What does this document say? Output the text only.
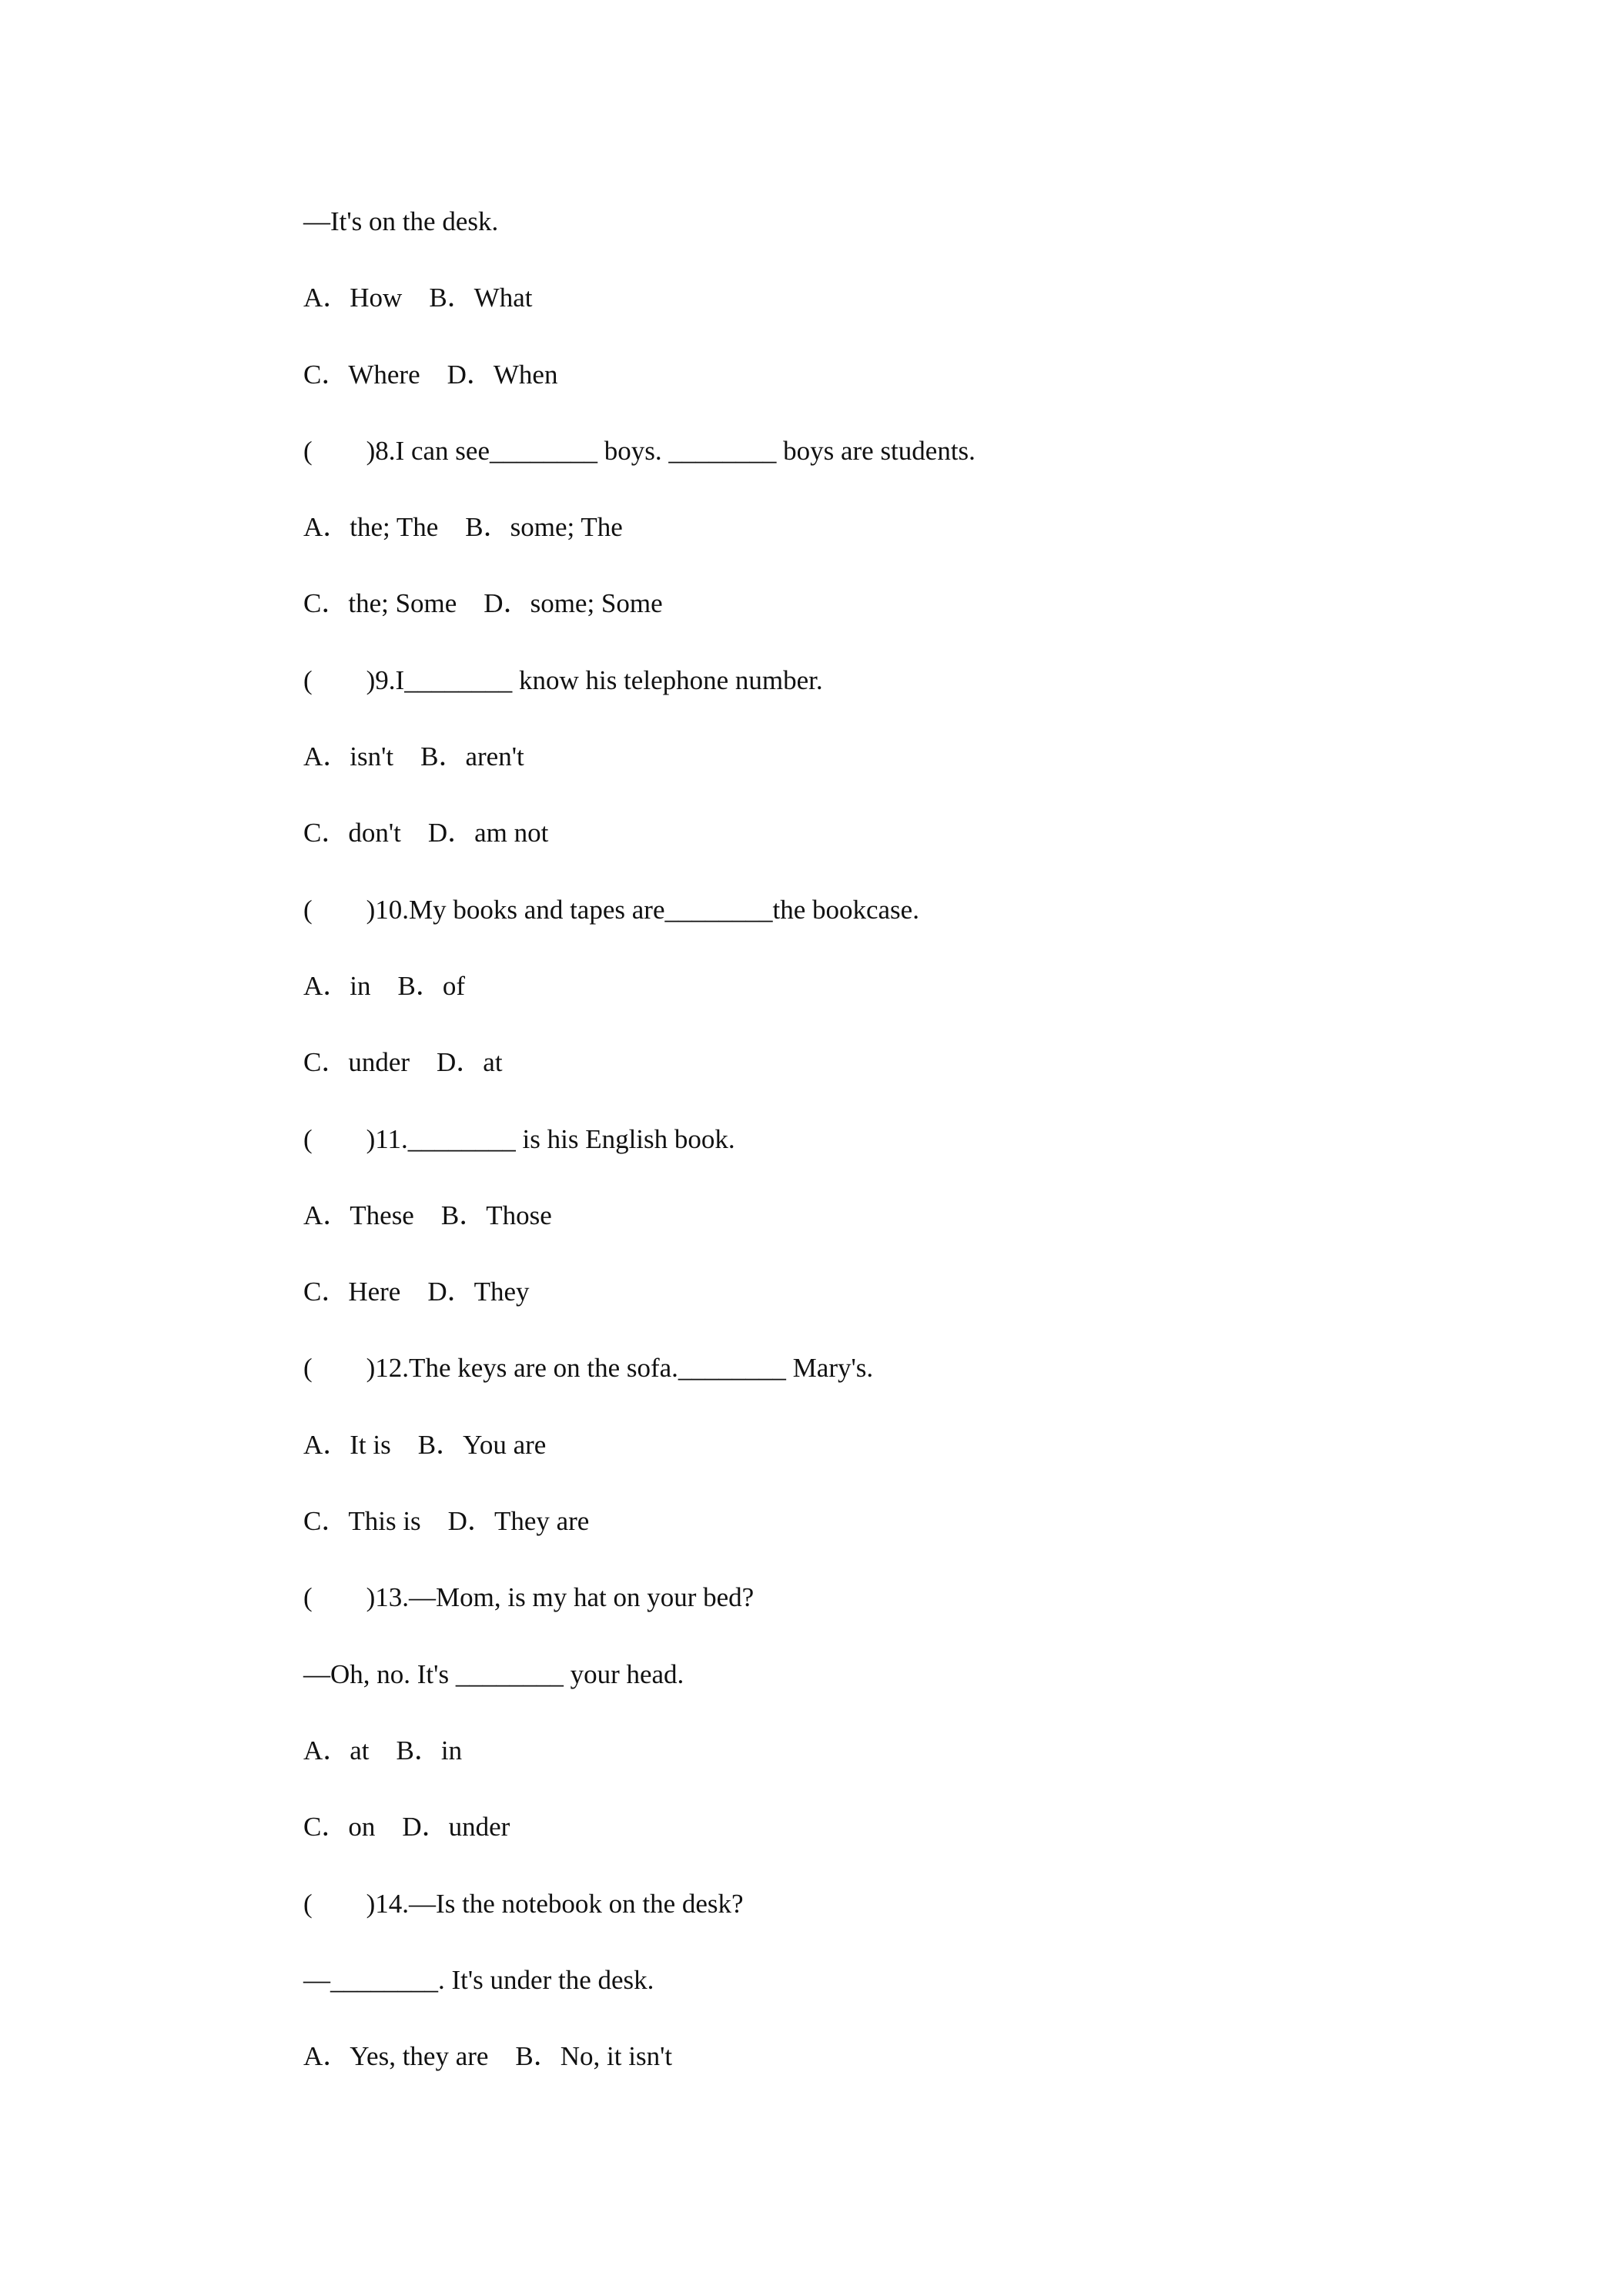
—It's on the desk.
A．How　B．What
C．Where　D．When
(　　)8.I can see________ boys. ________ boys are students.
A．the; The　B．some; The
C．the; Some　D．some; Some
(　　)9.I________ know his telephone number.
A．isn't　B．aren't
C．don't　D．am not
(　　)10.My books and tapes are________the bookcase.
A．in　B．of
C．under　D．at
(　　)11.________ is his English book.
A．These　B．Those
C．Here　D．They
(　　)12.The keys are on the sofa.________ Mary's.
A．It is　B．You are
C．This is　D．They are
(　　)13.—Mom, is my hat on your bed?
—Oh, no. It's ________ your head.
A．at　B．in
C．on　D．under
(　　)14.—Is the notebook on the desk?
—________. It's under the desk.
A．Yes, they are　B．No, it isn't
